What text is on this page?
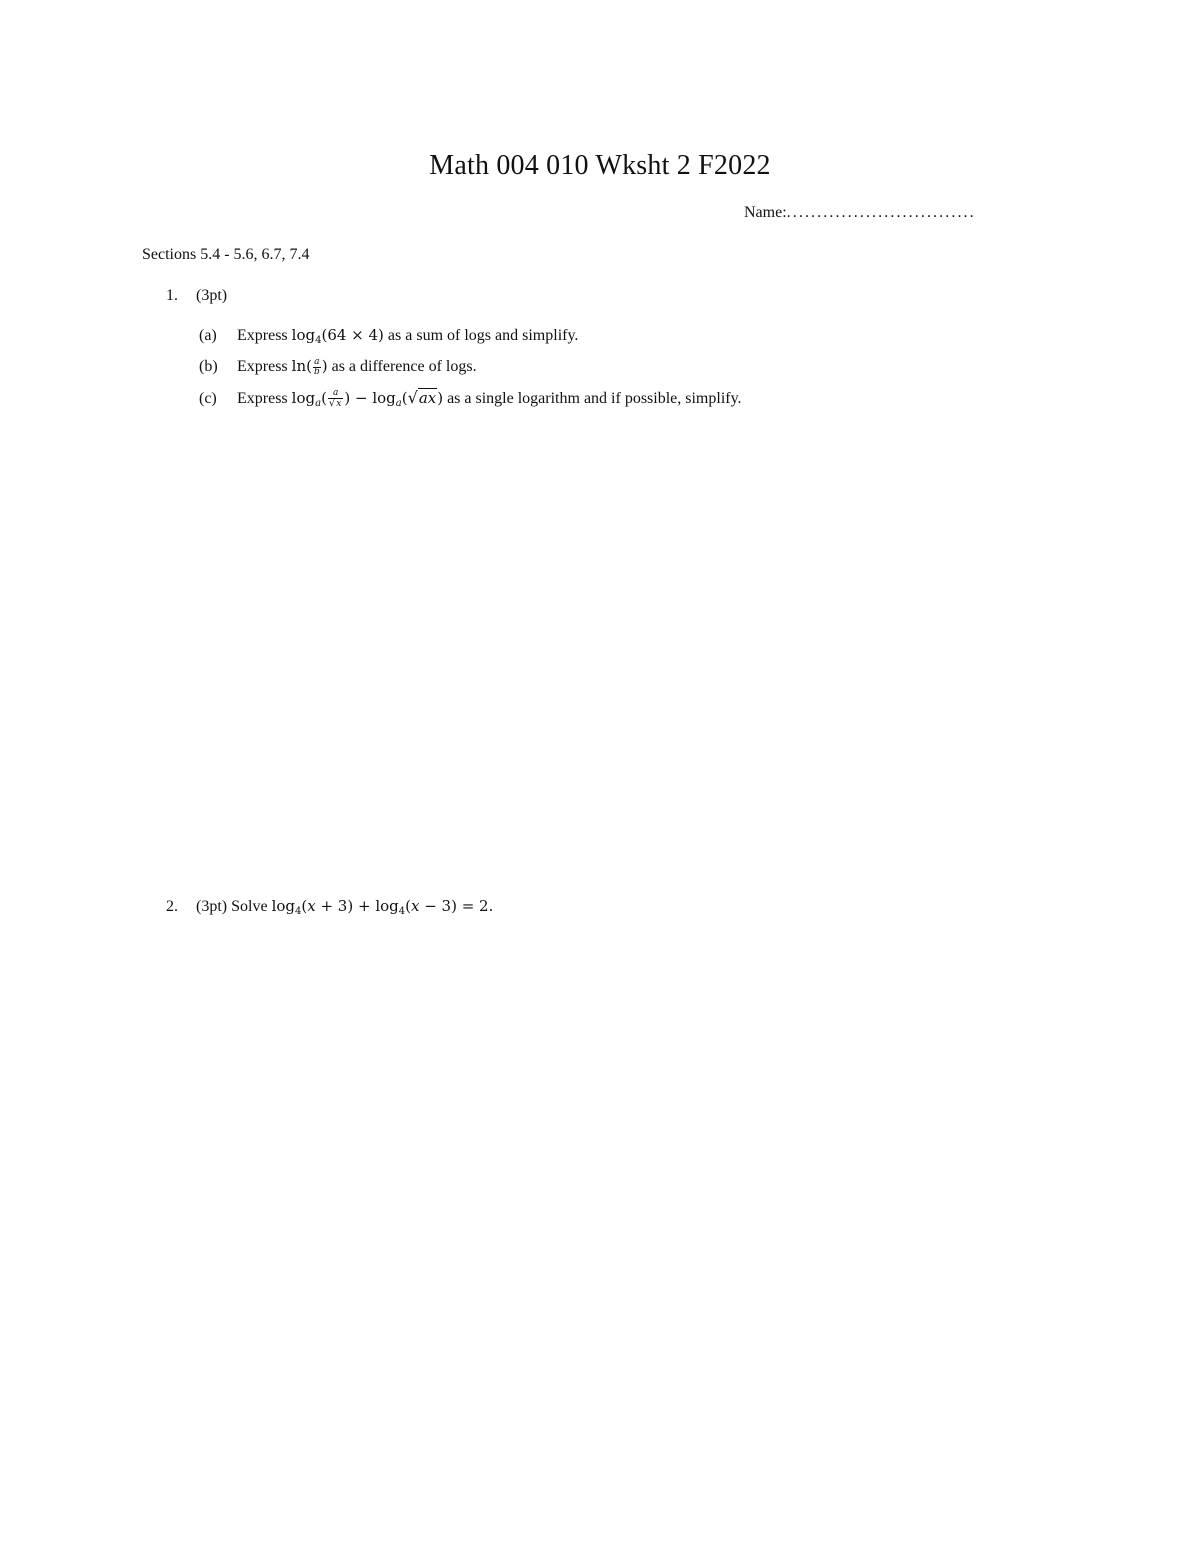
Math 004 010 Wksht 2 F2022
Name:...............................
Sections 5.4 - 5.6, 6.7, 7.4
1. (3pt)
(a) Express $\log_4(64 \times 4)$ as a sum of logs and simplify.
(b) Express $\ln( \frac{a}{b}$ ) as a difference of logs.
(c) Express $\log_a( \frac{a}{√x}$ ) − $\log_a(√ax)$ as a single logarithm and if possible, simplify.
2. (3pt) Solve $\log_4(x + 3) + \log_4(x - 3) = 2$.
